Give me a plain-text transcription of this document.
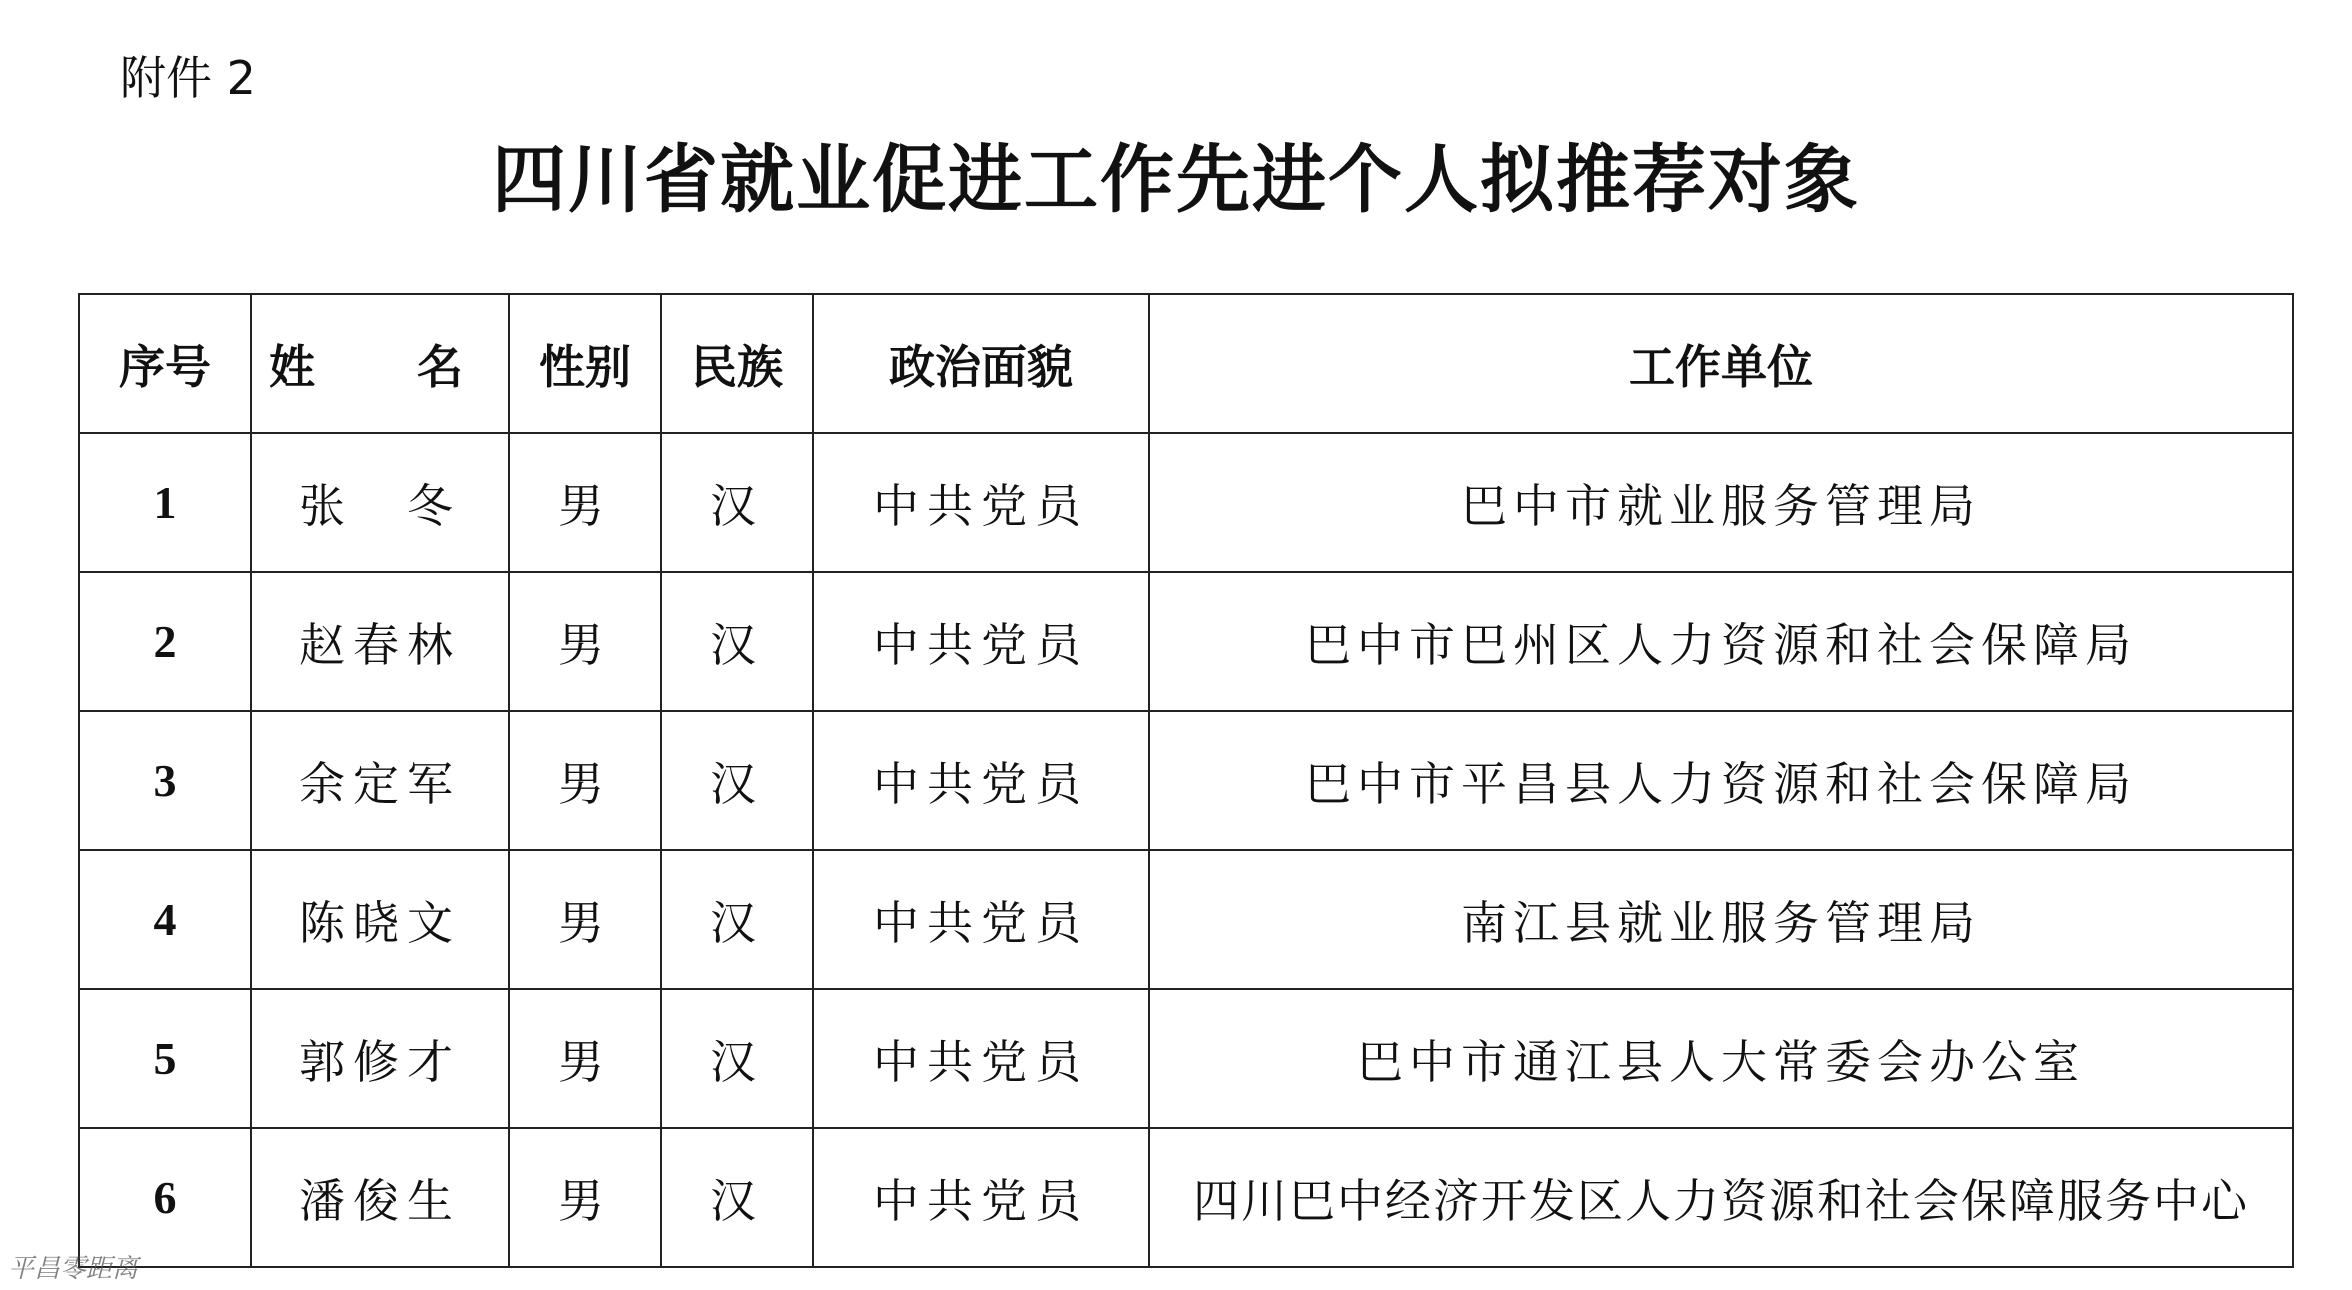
附件 2
四川省就业促进工作先进个人拟推荐对象
序号	姓　名	性别	民族	政治面貌	工作单位
1	张　冬	男	汉	中共党员	巴中市就业服务管理局
2	赵春林	男	汉	中共党员	巴中市巴州区人力资源和社会保障局
3	余定军	男	汉	中共党员	巴中市平昌县人力资源和社会保障局
4	陈晓文	男	汉	中共党员	南江县就业服务管理局
5	郭修才	男	汉	中共党员	巴中市通江县人大常委会办公室
6	潘俊生	男	汉	中共党员	四川巴中经济开发区人力资源和社会保障服务中心
平昌零距离
